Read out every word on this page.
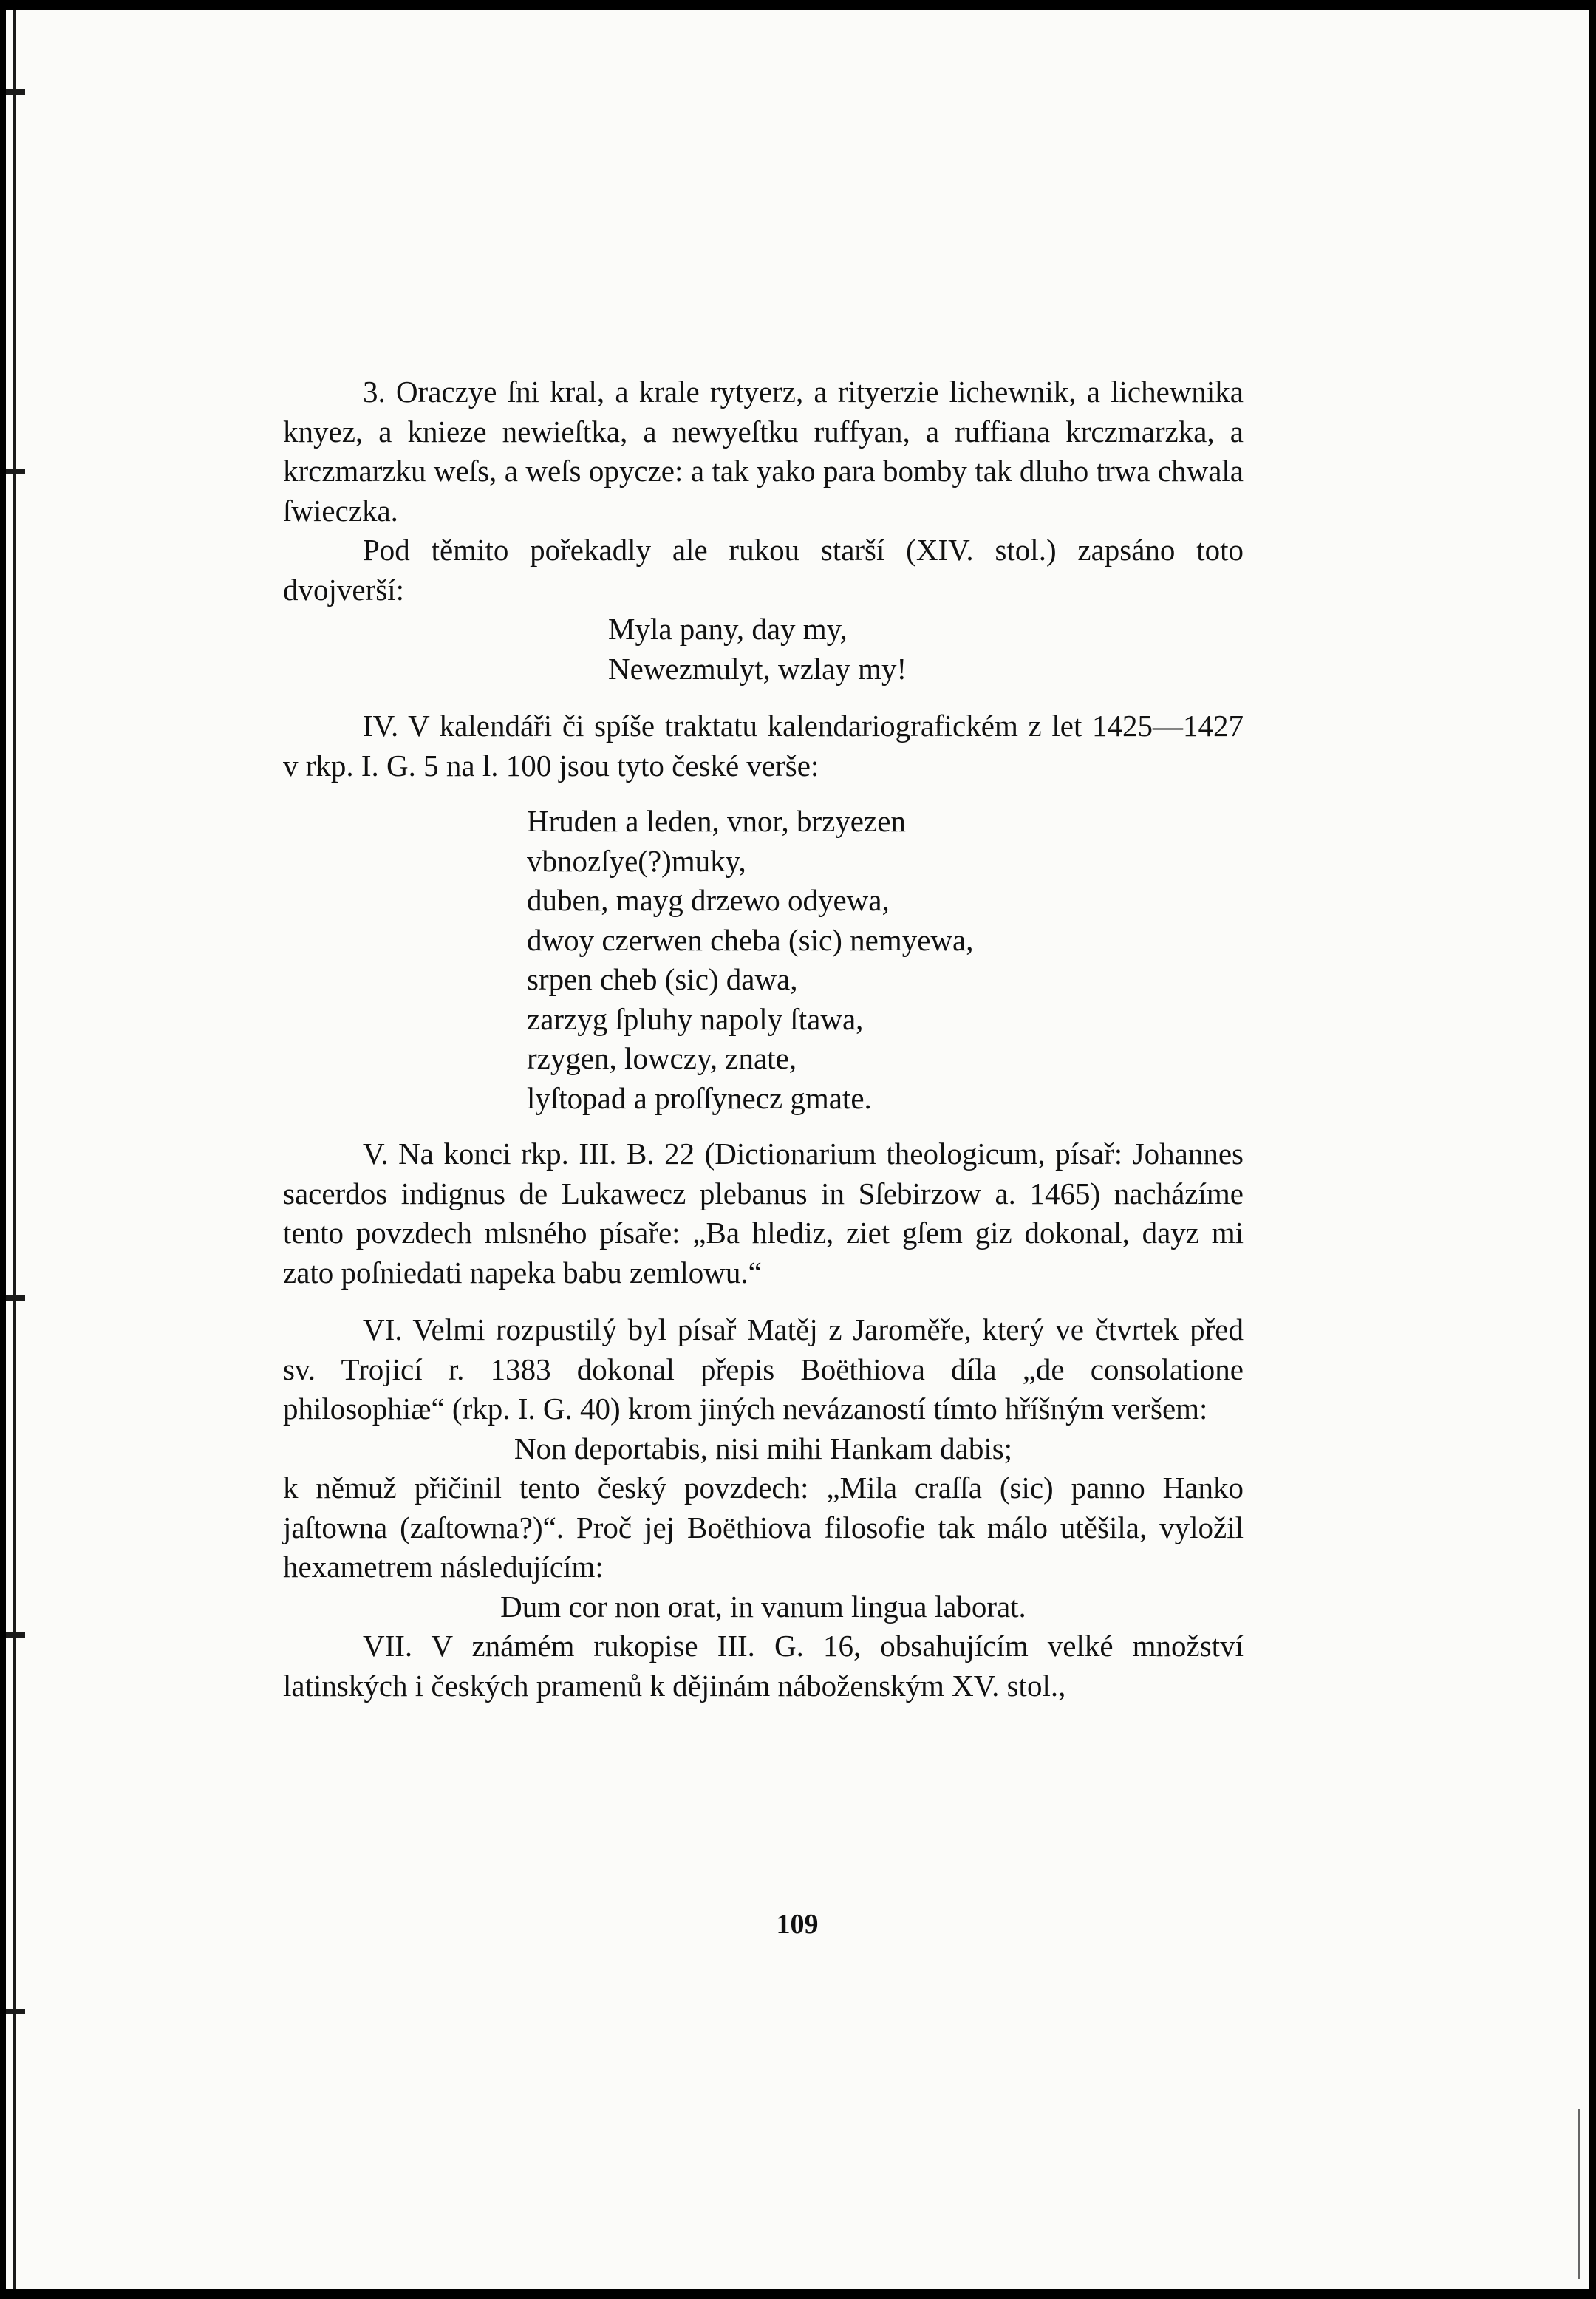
3. Oraczye ſni kral, a krale rytyerz, a rityerzie lichewnik, a lichewnika knyez, a knieze newieſtka, a newyeſtku ruffyan, a ruffiana krczmarzka, a krczmarzku weſs, a weſs opycze: a tak yako para bomby tak dluho trwa chwala ſwieczka.

Pod těmito pořekadly ale rukou starší (XIV. stol.) zapsáno toto dvojverší:

Myla pany, day my,

Newezmulyt, wzlay my!

IV. V kalendáři či spíše traktatu kalendariografickém z let 1425—1427 v rkp. I. G. 5 na l. 100 jsou tyto české verše:

Hruden a leden, vnor, brzyezen
vbnozſye(?)muky,
duben, mayg drzewo odyewa,
dwoy czerwen cheba (sic) nemyewa,
srpen cheb (sic) dawa,
zarzyg ſpluhy napoly ſtawa,
rzygen, lowczy, znate,
lyſtopad a proſſynecz gmate.

V. Na konci rkp. III. B. 22 (Dictionarium theologicum, písař: Johannes sacerdos indignus de Lukawecz plebanus in Sſebirzow a. 1465) nacházíme tento povzdech mlsného písaře: „Ba hlediz, ziet gſem giz dokonal, dayz mi zato poſniedati napeka babu zemlowu.“

VI. Velmi rozpustilý byl písař Matěj z Jaroměře, který ve čtvrtek před sv. Trojicí r. 1383 dokonal přepis Boëthiova díla „de consolatione philosophiæ“ (rkp. I. G. 40) krom jiných nevázaností tímto hříšným veršem:

Non deportabis, nisi mihi Hankam dabis;

k němuž přičinil tento český povzdech: „Mila craſſa (sic) panno Hanko jaſtowna (zaſtowna?)“. Proč jej Boëthiova filosofie tak málo utěšila, vyložil hexametrem následujícím:

Dum cor non orat, in vanum lingua laborat.

VII. V známém rukopise III. G. 16, obsahujícím velké množství latinských i českých pramenů k dějinám náboženským XV. stol.,

109
